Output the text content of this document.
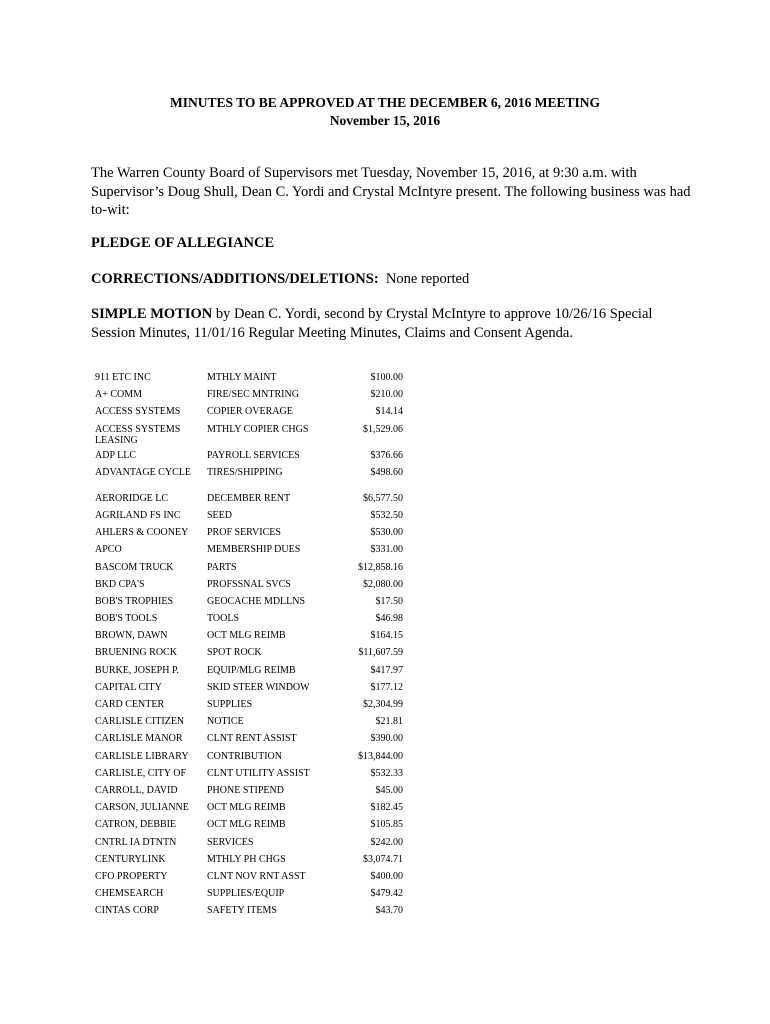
MINUTES TO BE APPROVED AT THE DECEMBER 6, 2016 MEETING
November 15, 2016
The Warren County Board of Supervisors met Tuesday, November 15, 2016, at 9:30 a.m. with Supervisor’s Doug Shull, Dean C. Yordi and Crystal McIntyre present. The following business was had to-wit:
PLEDGE OF ALLEGIANCE
CORRECTIONS/ADDITIONS/DELETIONS: None reported
SIMPLE MOTION by Dean C. Yordi, second by Crystal McIntyre to approve 10/26/16 Special Session Minutes, 11/01/16 Regular Meeting Minutes, Claims and Consent Agenda.
911 ETC INC	MTHLY MAINT	$100.00
A+ COMM	FIRE/SEC MNTRING	$210.00
ACCESS SYSTEMS	COPIER OVERAGE	$14.14
ACCESS SYSTEMS LEASING	MTHLY COPIER CHGS	$1,529.06
ADP LLC	PAYROLL SERVICES	$376.66
ADVANTAGE CYCLE	TIRES/SHIPPING	$498.60
AERORIDGE LC	DECEMBER RENT	$6,577.50
AGRILAND FS INC	SEED	$532.50
AHLERS & COONEY	PROF SERVICES	$530.00
APCO	MEMBERSHIP DUES	$331.00
BASCOM TRUCK	PARTS	$12,858.16
BKD CPA'S	PROFSSNAL SVCS	$2,080.00
BOB'S TROPHIES	GEOCACHE MDLLNS	$17.50
BOB'S TOOLS	TOOLS	$46.98
BROWN, DAWN	OCT MLG REIMB	$164.15
BRUENING ROCK	SPOT ROCK	$11,607.59
BURKE, JOSEPH P.	EQUIP/MLG REIMB	$417.97
CAPITAL CITY	SKID STEER WINDOW	$177.12
CARD CENTER	SUPPLIES	$2,304.99
CARLISLE CITIZEN	NOTICE	$21.81
CARLISLE MANOR	CLNT RENT ASSIST	$390.00
CARLISLE LIBRARY	CONTRIBUTION	$13,844.00
CARLISLE, CITY OF	CLNT UTILITY ASSIST	$532.33
CARROLL, DAVID	PHONE STIPEND	$45.00
CARSON, JULIANNE	OCT MLG REIMB	$182.45
CATRON, DEBBIE	OCT MLG REIMB	$105.85
CNTRL IA DTNTN	SERVICES	$242.00
CENTURYLINK	MTHLY PH CHGS	$3,074.71
CFO PROPERTY	CLNT NOV RNT ASST	$400.00
CHEMSEARCH	SUPPLIES/EQUIP	$479.42
CINTAS CORP	SAFETY ITEMS	$43.70
